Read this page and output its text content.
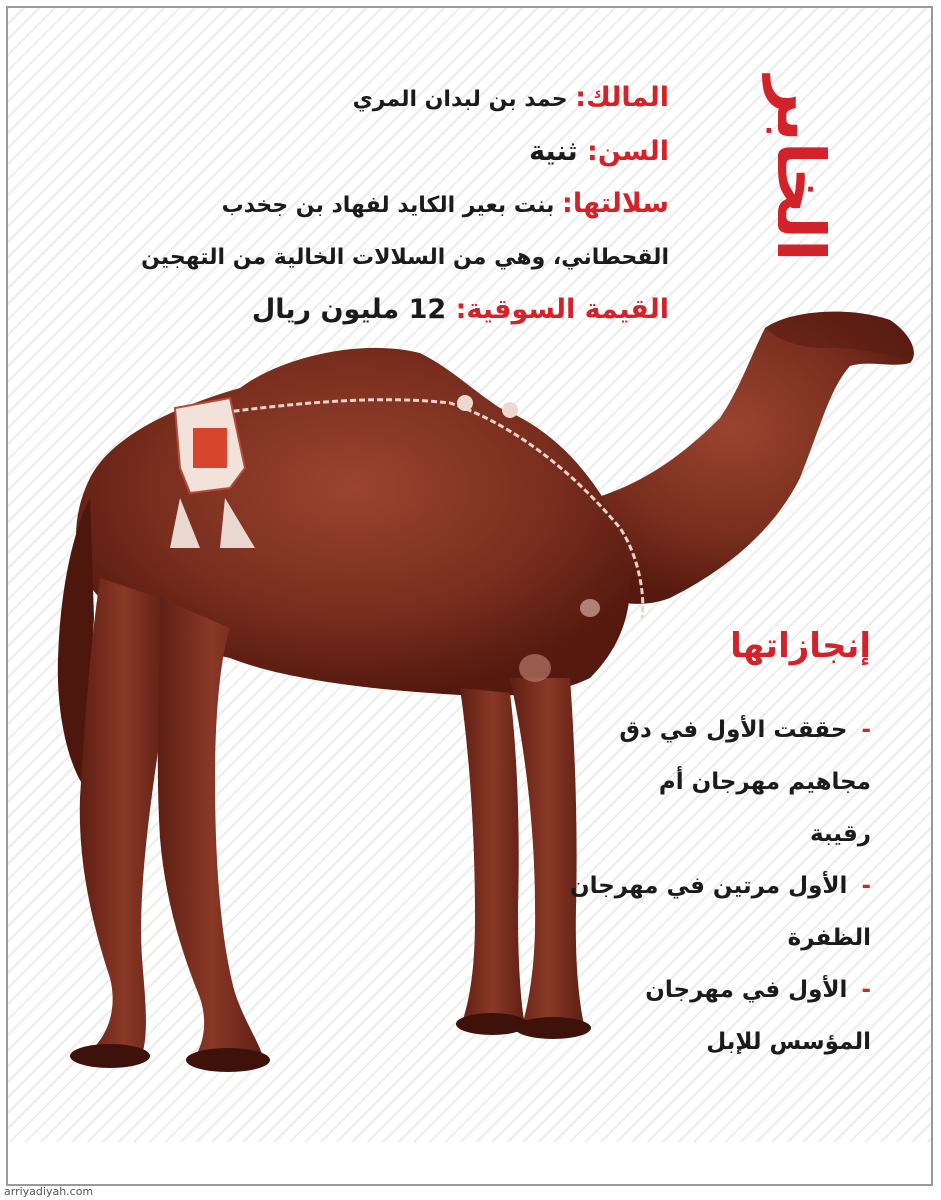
الخابر
المالك: حمد بن لبدان المري
السن: ثنية
سلالتها: بنت بعير الكايد لفهاد بن جخدب
القحطاني، وهي من السلالات الخالية من التهجين
القيمة السوقية: 12 مليون ريال
إنجازاتها
- حققت الأول في دق
مجاهيم مهرجان أم
رقيبة
- الأول مرتين في مهرجان
الظفرة
- الأول في مهرجان
المؤسس للإبل
arriyadiyah.com
